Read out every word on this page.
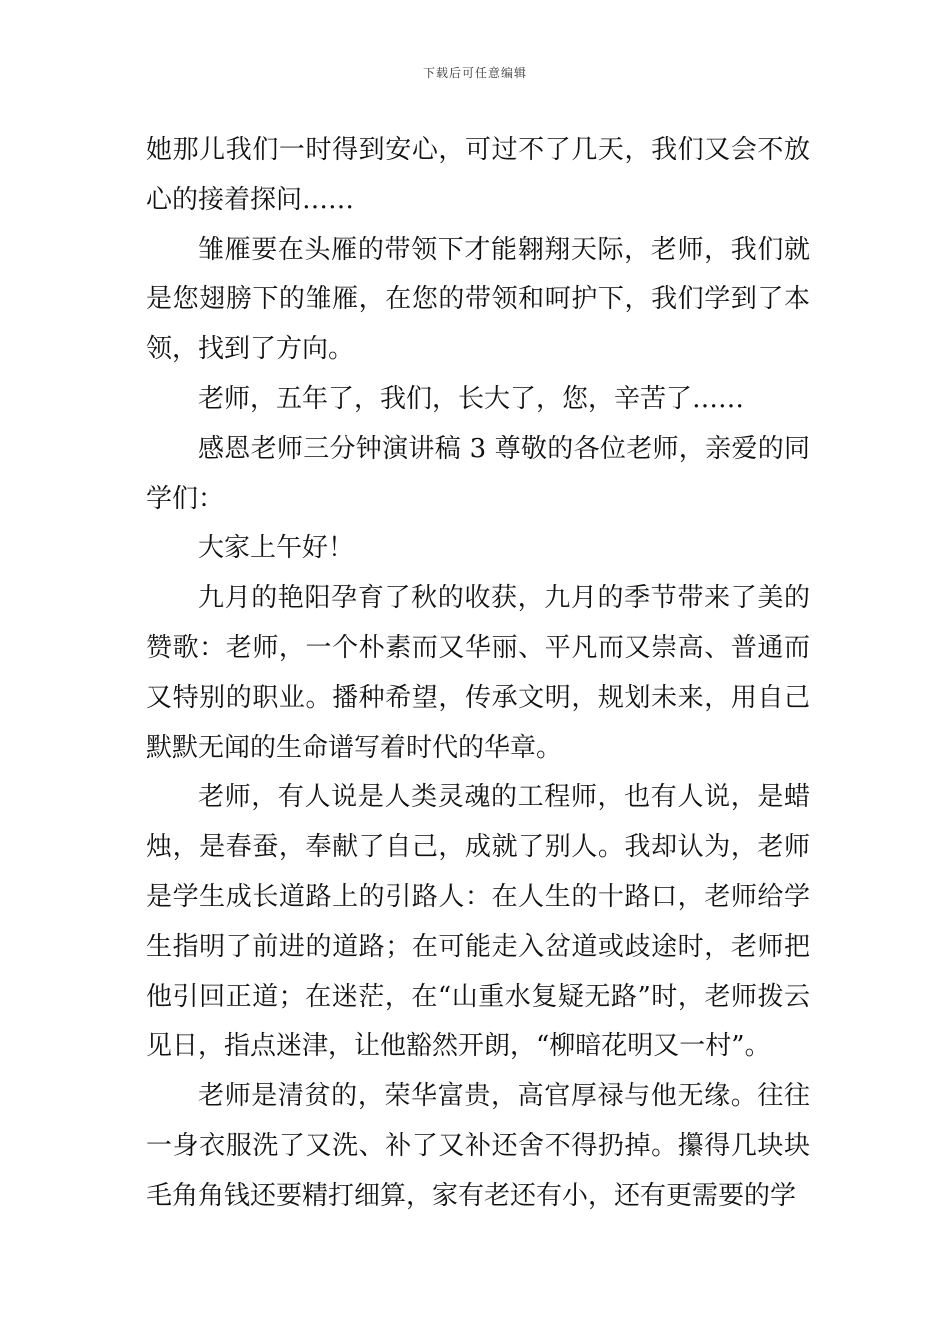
下载后可任意编辑

她那儿我们一时得到安心，可过不了几天，我们又会不放心的接着探问……

雏雁要在头雁的带领下才能翱翔天际，老师，我们就是您翅膀下的雏雁，在您的带领和呵护下，我们学到了本领，找到了方向。

老师，五年了，我们，长大了，您，辛苦了……

感恩老师三分钟演讲稿 3 尊敬的各位老师，亲爱的同学们：

大家上午好！

九月的艳阳孕育了秋的收获，九月的季节带来了美的赞歌：老师，一个朴素而又华丽、平凡而又崇高、普通而又特别的职业。播种希望，传承文明，规划未来，用自己默默无闻的生命谱写着时代的华章。

老师，有人说是人类灵魂的工程师，也有人说，是蜡烛，是春蚕，奉献了自己，成就了别人。我却认为，老师是学生成长道路上的引路人：在人生的十路口，老师给学生指明了前进的道路；在可能走入岔道或歧途时，老师把他引回正道；在迷茫，在“山重水复疑无路”时，老师拨云见日，指点迷津，让他豁然开朗，“柳暗花明又一村”。

老师是清贫的，荣华富贵，高官厚禄与他无缘。往往一身衣服洗了又洗、补了又补还舍不得扔掉。攥得几块块毛角角钱还要精打细算，家有老还有小，还有更需要的学
